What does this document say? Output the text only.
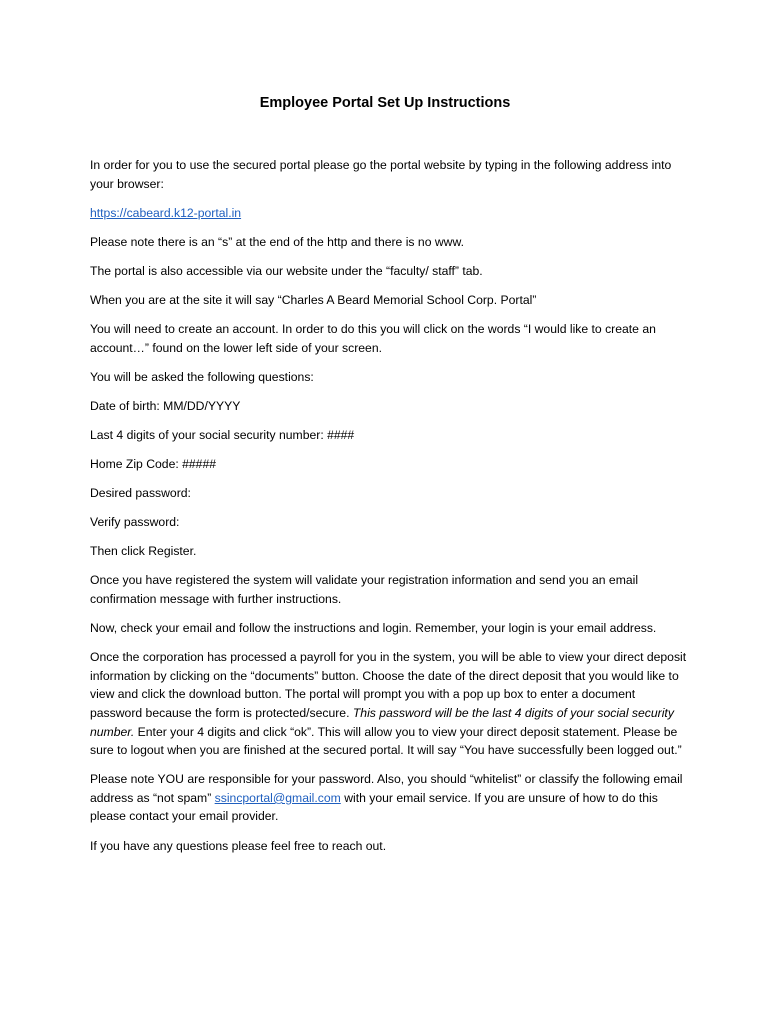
Employee Portal Set Up Instructions

In order for you to use the secured portal please go the portal website by typing in the following address into your browser:

https://cabeard.k12-portal.in

Please note there is an “s” at the end of the http and there is no www.

The portal is also accessible via our website under the “faculty/ staff” tab.

When you are at the site it will say “Charles A Beard Memorial School Corp. Portal”

You will need to create an account. In order to do this you will click on the words “I would like to create an account…” found on the lower left side of your screen.

You will be asked the following questions:

Date of birth: MM/DD/YYYY

Last 4 digits of your social security number: ####

Home Zip Code: #####

Desired password:

Verify password:

Then click Register.

Once you have registered the system will validate your registration information and send you an email confirmation message with further instructions.

Now, check your email and follow the instructions and login. Remember, your login is your email address.

Once the corporation has processed a payroll for you in the system, you will be able to view your direct deposit information by clicking on the “documents” button. Choose the date of the direct deposit that you would like to view and click the download button. The portal will prompt you with a pop up box to enter a document password because the form is protected/secure. This password will be the last 4 digits of your social security number. Enter your 4 digits and click “ok”. This will allow you to view your direct deposit statement. Please be sure to logout when you are finished at the secured portal. It will say “You have successfully been logged out.”

Please note YOU are responsible for your password. Also, you should “whitelist” or classify the following email address as “not spam” ssincportal@gmail.com with your email service. If you are unsure of how to do this please contact your email provider.

If you have any questions please feel free to reach out.
